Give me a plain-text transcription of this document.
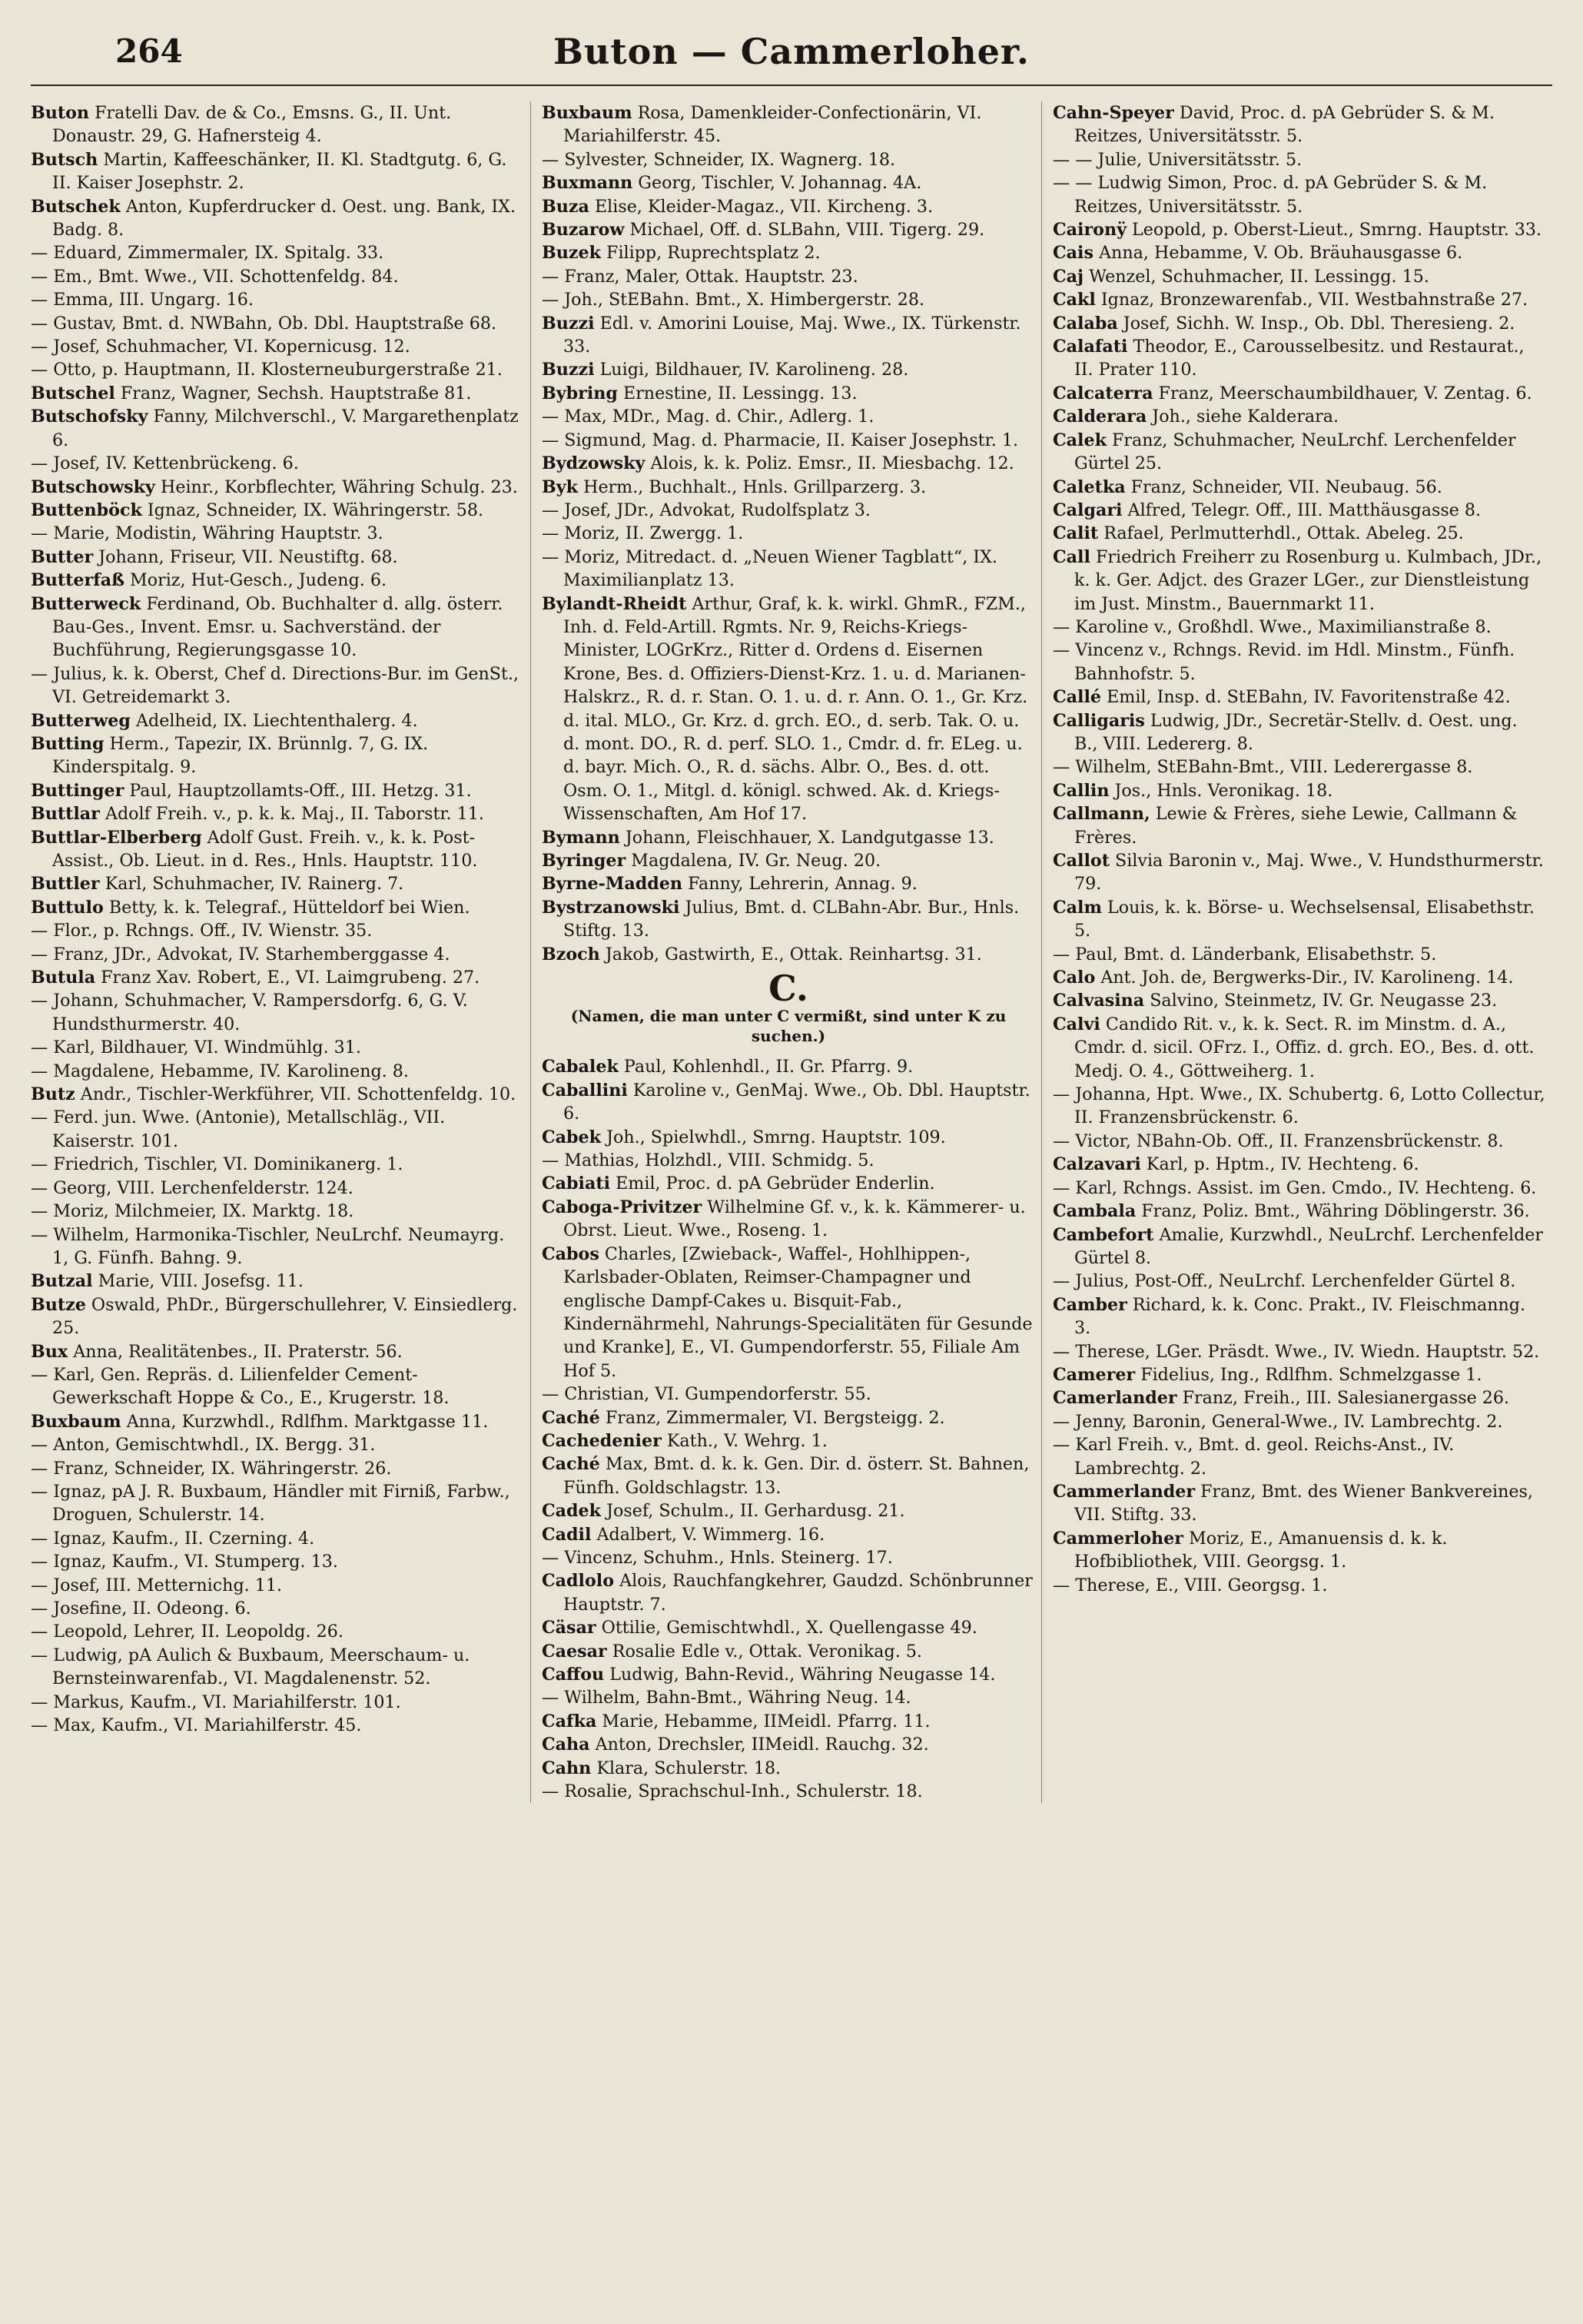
264	Buton — Cammerloher.

Buton Fratelli Dav. de & Co., Emsns. G., II. Unt. Donaustr. 29, G. Hafnersteig 4.

Butsch Martin, Kaffeeschänker, II. Kl. Stadtgutg. 6, G. II. Kaiser Josephstr. 2.

Butschek Anton, Kupferdrucker d. Oest. ung. Bank, IX. Badg. 8.

— Eduard, Zimmermaler, IX. Spitalg. 33.

— Em., Bmt. Wwe., VII. Schottenfeldg. 84.

— Emma, III. Ungarg. 16.

— Gustav, Bmt. d. NWBahn, Ob. Dbl. Hauptstraße 68.

— Josef, Schuhmacher, VI. Kopernicusg. 12.

— Otto, p. Hauptmann, II. Klosterneuburgerstraße 21.

Butschel Franz, Wagner, Sechsh. Hauptstraße 81.

Butschofsky Fanny, Milchverschl., V. Margarethenplatz 6.

— Josef, IV. Kettenbrückeng. 6.

Butschowsky Heinr., Korbflechter, Währing Schulg. 23.

Buttenböck Ignaz, Schneider, IX. Währingerstr. 58.

— Marie, Modistin, Währing Hauptstr. 3.

Butter Johann, Friseur, VII. Neustiftg. 68.

Butterfaß Moriz, Hut-Gesch., Judeng. 6.

Butterweck Ferdinand, Ob. Buchhalter d. allg. österr. Bau-Ges., Invent. Emsr. u. Sachverständ. der Buchführung, Regierungsgasse 10.

— Julius, k. k. Oberst, Chef d. Directions-Bur. im GenSt., VI. Getreidemarkt 3.

Butterweg Adelheid, IX. Liechtenthalerg. 4.

Butting Herm., Tapezir, IX. Brünnlg. 7, G. IX. Kinderspitalg. 9.

Buttinger Paul, Hauptzollamts-Off., III. Hetzg. 31.

Buttlar Adolf Freih. v., p. k. k. Maj., II. Taborstr. 11.

Buttlar-Elberberg Adolf Gust. Freih. v., k. k. Post-Assist., Ob. Lieut. in d. Res., Hnls. Hauptstr. 110.

Buttler Karl, Schuhmacher, IV. Rainerg. 7.

Buttulo Betty, k. k. Telegraf., Hütteldorf bei Wien.

— Flor., p. Rchngs. Off., IV. Wienstr. 35.

— Franz, JDr., Advokat, IV. Starhemberggasse 4.

Butula Franz Xav. Robert, E., VI. Laimgrubeng. 27.

— Johann, Schuhmacher, V. Rampersdorfg. 6, G. V. Hundsthurmerstr. 40.

— Karl, Bildhauer, VI. Windmühlg. 31.

— Magdalene, Hebamme, IV. Karolineng. 8.

Butz Andr., Tischler-Werkführer, VII. Schottenfeldg. 10.

— Ferd. jun. Wwe. (Antonie), Metallschläg., VII. Kaiserstr. 101.

— Friedrich, Tischler, VI. Dominikanerg. 1.

— Georg, VIII. Lerchenfelderstr. 124.

— Moriz, Milchmeier, IX. Marktg. 18.

— Wilhelm, Harmonika-Tischler, NeuLrchf. Neumayrg. 1, G. Fünfh. Bahng. 9.

Butzal Marie, VIII. Josefsg. 11.

Butze Oswald, PhDr., Bürgerschullehrer, V. Einsiedlerg. 25.

Bux Anna, Realitätenbes., II. Praterstr. 56.

— Karl, Gen. Repräs. d. Lilienfelder Cement-Gewerkschaft Hoppe & Co., E., Krugerstr. 18.

Buxbaum Anna, Kurzwhdl., Rdlfhm. Marktgasse 11.

— Anton, Gemischtwhdl., IX. Bergg. 31.

— Franz, Schneider, IX. Währingerstr. 26.

— Ignaz, pA J. R. Buxbaum, Händler mit Firniß, Farbw., Droguen, Schulerstr. 14.

— Ignaz, Kaufm., II. Czerning. 4.

— Ignaz, Kaufm., VI. Stumperg. 13.

— Josef, III. Metternichg. 11.

— Josefine, II. Odeong. 6.

— Leopold, Lehrer, II. Leopoldg. 26.

— Ludwig, pA Aulich & Buxbaum, Meerschaum- u. Bernsteinwarenfab., VI. Magdalenenstr. 52.

— Markus, Kaufm., VI. Mariahilferstr. 101.

— Max, Kaufm., VI. Mariahilferstr. 45.

Buxbaum Rosa, Damenkleider-Confectionärin, VI. Mariahilferstr. 45.

— Sylvester, Schneider, IX. Wagnerg. 18.

Buxmann Georg, Tischler, V. Johannag. 4A.

Buza Elise, Kleider-Magaz., VII. Kircheng. 3.

Buzarow Michael, Off. d. SLBahn, VIII. Tigerg. 29.

Buzek Filipp, Ruprechtsplatz 2.

— Franz, Maler, Ottak. Hauptstr. 23.

— Joh., StEBahn. Bmt., X. Himbergerstr. 28.

Buzzi Edl. v. Amorini Louise, Maj. Wwe., IX. Türkenstr. 33.

Buzzi Luigi, Bildhauer, IV. Karolineng. 28.

Bybring Ernestine, II. Lessingg. 13.

— Max, MDr., Mag. d. Chir., Adlerg. 1.

— Sigmund, Mag. d. Pharmacie, II. Kaiser Josephstr. 1.

Bydzowsky Alois, k. k. Poliz. Emsr., II. Miesbachg. 12.

Byk Herm., Buchhalt., Hnls. Grillparzerg. 3.

— Josef, JDr., Advokat, Rudolfsplatz 3.

— Moriz, II. Zwergg. 1.

— Moriz, Mitredact. d. „Neuen Wiener Tagblatt“, IX. Maximilianplatz 13.

Bylandt-Rheidt Arthur, Graf, k. k. wirkl. GhmR., FZM., Inh. d. Feld-Artill. Rgmts. Nr. 9, Reichs-Kriegs-Minister, LOGrKrz., Ritter d. Ordens d. Eisernen Krone, Bes. d. Offiziers-Dienst-Krz. 1. u. d. Marianen-Halskrz., R. d. r. Stan. O. 1. u. d. r. Ann. O. 1., Gr. Krz. d. ital. MLO., Gr. Krz. d. grch. EO., d. serb. Tak. O. u. d. mont. DO., R. d. perf. SLO. 1., Cmdr. d. fr. ELeg. u. d. bayr. Mich. O., R. d. sächs. Albr. O., Bes. d. ott. Osm. O. 1., Mitgl. d. königl. schwed. Ak. d. Kriegs-Wissenschaften, Am Hof 17.

Bymann Johann, Fleischhauer, X. Landgutgasse 13.

Byringer Magdalena, IV. Gr. Neug. 20.

Byrne-Madden Fanny, Lehrerin, Annag. 9.

Bystrzanowski Julius, Bmt. d. CLBahn-Abr. Bur., Hnls. Stiftg. 13.

Bzoch Jakob, Gastwirth, E., Ottak. Reinhartsg. 31.

C.
(Namen, die man unter C vermißt, sind unter K zu suchen.)

Cabalek Paul, Kohlenhdl., II. Gr. Pfarrg. 9.

Caballini Karoline v., GenMaj. Wwe., Ob. Dbl. Hauptstr. 6.

Cabek Joh., Spielwhdl., Smrng. Hauptstr. 109.

— Mathias, Holzhdl., VIII. Schmidg. 5.

Cabiati Emil, Proc. d. pA Gebrüder Enderlin.

Caboga-Privitzer Wilhelmine Gf. v., k. k. Kämmerer- u. Obrst. Lieut. Wwe., Roseng. 1.

Cabos Charles, [Zwieback-, Waffel-, Hohlhippen-, Karlsbader-Oblaten, Reimser-Champagner und englische Dampf-Cakes u. Bisquit-Fab., Kindernährmehl, Nahrungs-Specialitäten für Gesunde und Kranke], E., VI. Gumpendorferstr. 55, Filiale Am Hof 5.

— Christian, VI. Gumpendorferstr. 55.

Caché Franz, Zimmermaler, VI. Bergsteigg. 2.

Cachedenier Kath., V. Wehrg. 1.

Caché Max, Bmt. d. k. k. Gen. Dir. d. österr. St. Bahnen, Fünfh. Goldschlagstr. 13.

Cadek Josef, Schulm., II. Gerhardusg. 21.

Cadil Adalbert, V. Wimmerg. 16.

— Vincenz, Schuhm., Hnls. Steinerg. 17.

Cadlolo Alois, Rauchfangkehrer, Gaudzd. Schönbrunner Hauptstr. 7.

Cäsar Ottilie, Gemischtwhdl., X. Quellengasse 49.

Caesar Rosalie Edle v., Ottak. Veronikag. 5.

Caffou Ludwig, Bahn-Revid., Währing Neugasse 14.

— Wilhelm, Bahn-Bmt., Währing Neug. 14.

Cafka Marie, Hebamme, IIMeidl. Pfarrg. 11.

Caha Anton, Drechsler, IIMeidl. Rauchg. 32.

Cahn Klara, Schulerstr. 18.

— Rosalie, Sprachschul-Inh., Schulerstr. 18.

Cahn-Speyer David, Proc. d. pA Gebrüder S. & M. Reitzes, Universitätsstr. 5.

— — Julie, Universitätsstr. 5.

— — Ludwig Simon, Proc. d. pA Gebrüder S. & M. Reitzes, Universitätsstr. 5.

Caironÿ Leopold, p. Oberst-Lieut., Smrng. Hauptstr. 33.

Cais Anna, Hebamme, V. Ob. Bräuhausgasse 6.

Caj Wenzel, Schuhmacher, II. Lessingg. 15.

Cakl Ignaz, Bronzewarenfab., VII. Westbahnstraße 27.

Calaba Josef, Sichh. W. Insp., Ob. Dbl. Theresieng. 2.

Calafati Theodor, E., Carousselbesitz. und Restaurat., II. Prater 110.

Calcaterra Franz, Meerschaumbildhauer, V. Zentag. 6.

Calderara Joh., siehe Kalderara.

Calek Franz, Schuhmacher, NeuLrchf. Lerchenfelder Gürtel 25.

Caletka Franz, Schneider, VII. Neubaug. 56.

Calgari Alfred, Telegr. Off., III. Matthäusgasse 8.

Calit Rafael, Perlmutterhdl., Ottak. Abeleg. 25.

Call Friedrich Freiherr zu Rosenburg u. Kulmbach, JDr., k. k. Ger. Adjct. des Grazer LGer., zur Dienstleistung im Just. Minstm., Bauernmarkt 11.

— Karoline v., Großhdl. Wwe., Maximilianstraße 8.

— Vincenz v., Rchngs. Revid. im Hdl. Minstm., Fünfh. Bahnhofstr. 5.

Callé Emil, Insp. d. StEBahn, IV. Favoritenstraße 42.

Calligaris Ludwig, JDr., Secretär-Stellv. d. Oest. ung. B., VIII. Ledererg. 8.

— Wilhelm, StEBahn-Bmt., VIII. Lederergasse 8.

Callin Jos., Hnls. Veronikag. 18.

Callmann, Lewie & Frères, siehe Lewie, Callmann & Frères.

Callot Silvia Baronin v., Maj. Wwe., V. Hundsthurmerstr. 79.

Calm Louis, k. k. Börse- u. Wechselsensal, Elisabethstr. 5.

— Paul, Bmt. d. Länderbank, Elisabethstr. 5.

Calo Ant. Joh. de, Bergwerks-Dir., IV. Karolineng. 14.

Calvasina Salvino, Steinmetz, IV. Gr. Neugasse 23.

Calvi Candido Rit. v., k. k. Sect. R. im Minstm. d. A., Cmdr. d. sicil. OFrz. I., Offiz. d. grch. EO., Bes. d. ott. Medj. O. 4., Göttweiherg. 1.

— Johanna, Hpt. Wwe., IX. Schubertg. 6, Lotto Collectur, II. Franzensbrückenstr. 6.

— Victor, NBahn-Ob. Off., II. Franzensbrückenstr. 8.

Calzavari Karl, p. Hptm., IV. Hechteng. 6.

— Karl, Rchngs. Assist. im Gen. Cmdo., IV. Hechteng. 6.

Cambala Franz, Poliz. Bmt., Währing Döblingerstr. 36.

Cambefort Amalie, Kurzwhdl., NeuLrchf. Lerchenfelder Gürtel 8.

— Julius, Post-Off., NeuLrchf. Lerchenfelder Gürtel 8.

Camber Richard, k. k. Conc. Prakt., IV. Fleischmanng. 3.

— Therese, LGer. Präsdt. Wwe., IV. Wiedn. Hauptstr. 52.

Camerer Fidelius, Ing., Rdlfhm. Schmelzgasse 1.

Camerlander Franz, Freih., III. Salesianergasse 26.

— Jenny, Baronin, General-Wwe., IV. Lambrechtg. 2.

— Karl Freih. v., Bmt. d. geol. Reichs-Anst., IV. Lambrechtg. 2.

Cammerlander Franz, Bmt. des Wiener Bankvereines, VII. Stiftg. 33.

Cammerloher Moriz, E., Amanuensis d. k. k. Hofbibliothek, VIII. Georgsg. 1.

— Therese, E., VIII. Georgsg. 1.
